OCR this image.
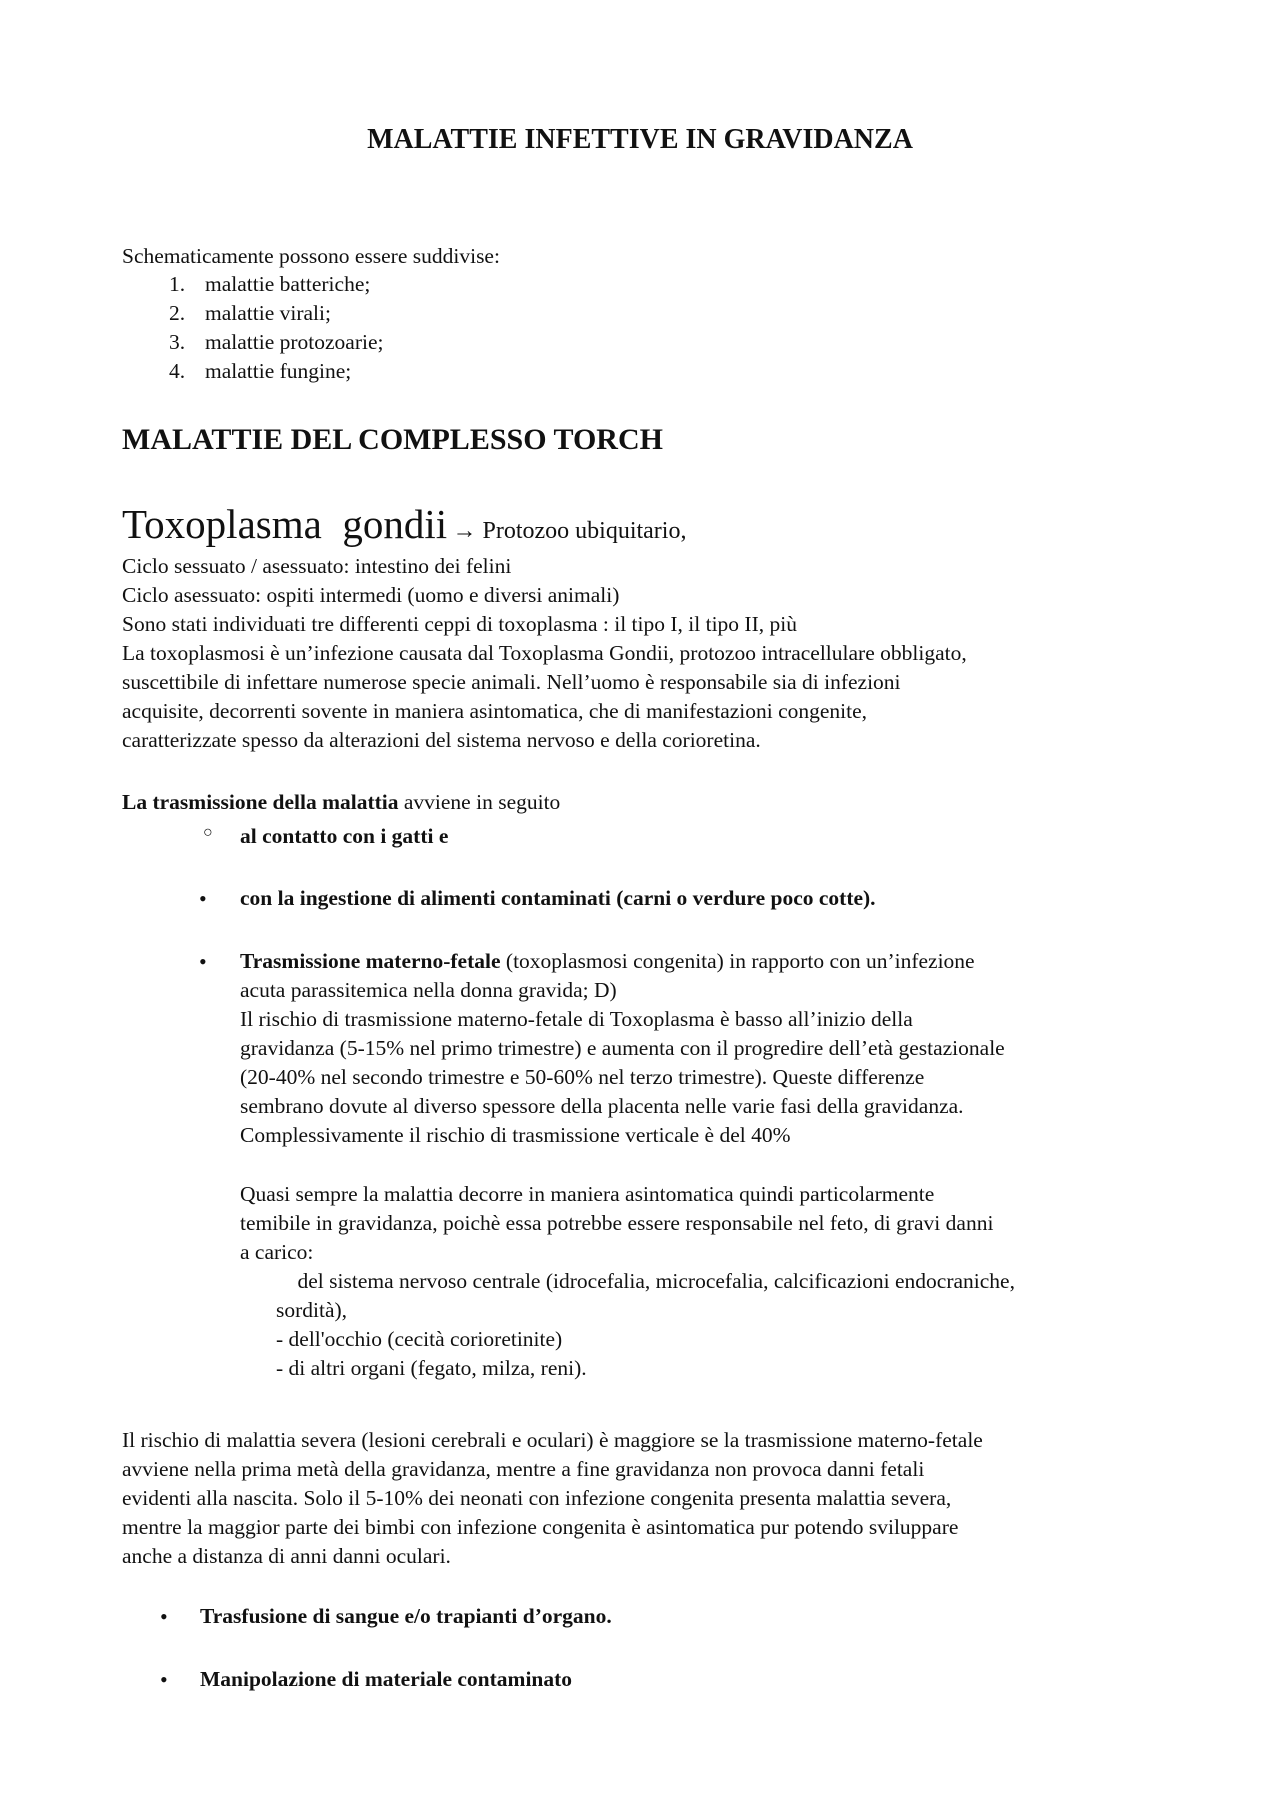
MALATTIE INFETTIVE IN GRAVIDANZA
Schematicamente possono essere suddivise:
1. malattie batteriche;
2. malattie virali;
3. malattie protozoarie;
4. malattie fungine;
MALATTIE DEL COMPLESSO TORCH
Toxoplasma  gondii → Protozoo ubiquitario,
Ciclo sessuato / asessuato: intestino dei felini
Ciclo asessuato: ospiti intermedi (uomo e diversi animali)
Sono stati individuati tre differenti ceppi di toxoplasma : il tipo I, il tipo II, più
La toxoplasmosi è un’infezione causata dal Toxoplasma Gondii, protozoo intracellulare obbligato,
suscettibile di infettare numerose specie animali. Nell’uomo è responsabile sia di infezioni
acquisite, decorrenti sovente in maniera asintomatica, che di manifestazioni congenite,
caratterizzate spesso da alterazioni del sistema nervoso e della corioretina.
La trasmissione della malattia avviene in seguito
○ al contatto con i gatti e
• con la ingestione di alimenti contaminati (carni o verdure poco cotte).
• Trasmissione materno-fetale (toxoplasmosi congenita) in rapporto con un’infezione
acuta parassitemica nella donna gravida; D)
Il rischio di trasmissione materno-fetale di Toxoplasma è basso all’inizio della
gravidanza (5-15% nel primo trimestre) e aumenta con il progredire dell’età gestazionale
(20-40% nel secondo trimestre e 50-60% nel terzo trimestre). Queste differenze
sembrano dovute al diverso spessore della placenta nelle varie fasi della gravidanza.
Complessivamente il rischio di trasmissione verticale è del 40%
Quasi sempre la malattia decorre in maniera asintomatica quindi particolarmente
temibile in gravidanza, poichè essa potrebbe essere responsabile nel feto, di gravi danni
a carico:
del sistema nervoso centrale (idrocefalia, microcefalia, calcificazioni endocraniche,
sordità),
- dell'occhio (cecità corioretinite)
- di altri organi (fegato, milza, reni).
Il rischio di malattia severa (lesioni cerebrali e oculari) è maggiore se la trasmissione materno-fetale
avviene nella prima metà della gravidanza, mentre a fine gravidanza non provoca danni fetali
evidenti alla nascita. Solo il 5-10% dei neonati con infezione congenita presenta malattia severa,
mentre la maggior parte dei bimbi con infezione congenita è asintomatica pur potendo sviluppare
anche a distanza di anni danni oculari.
• Trasfusione di sangue e/o trapianti d’organo.
• Manipolazione di materiale contaminato
